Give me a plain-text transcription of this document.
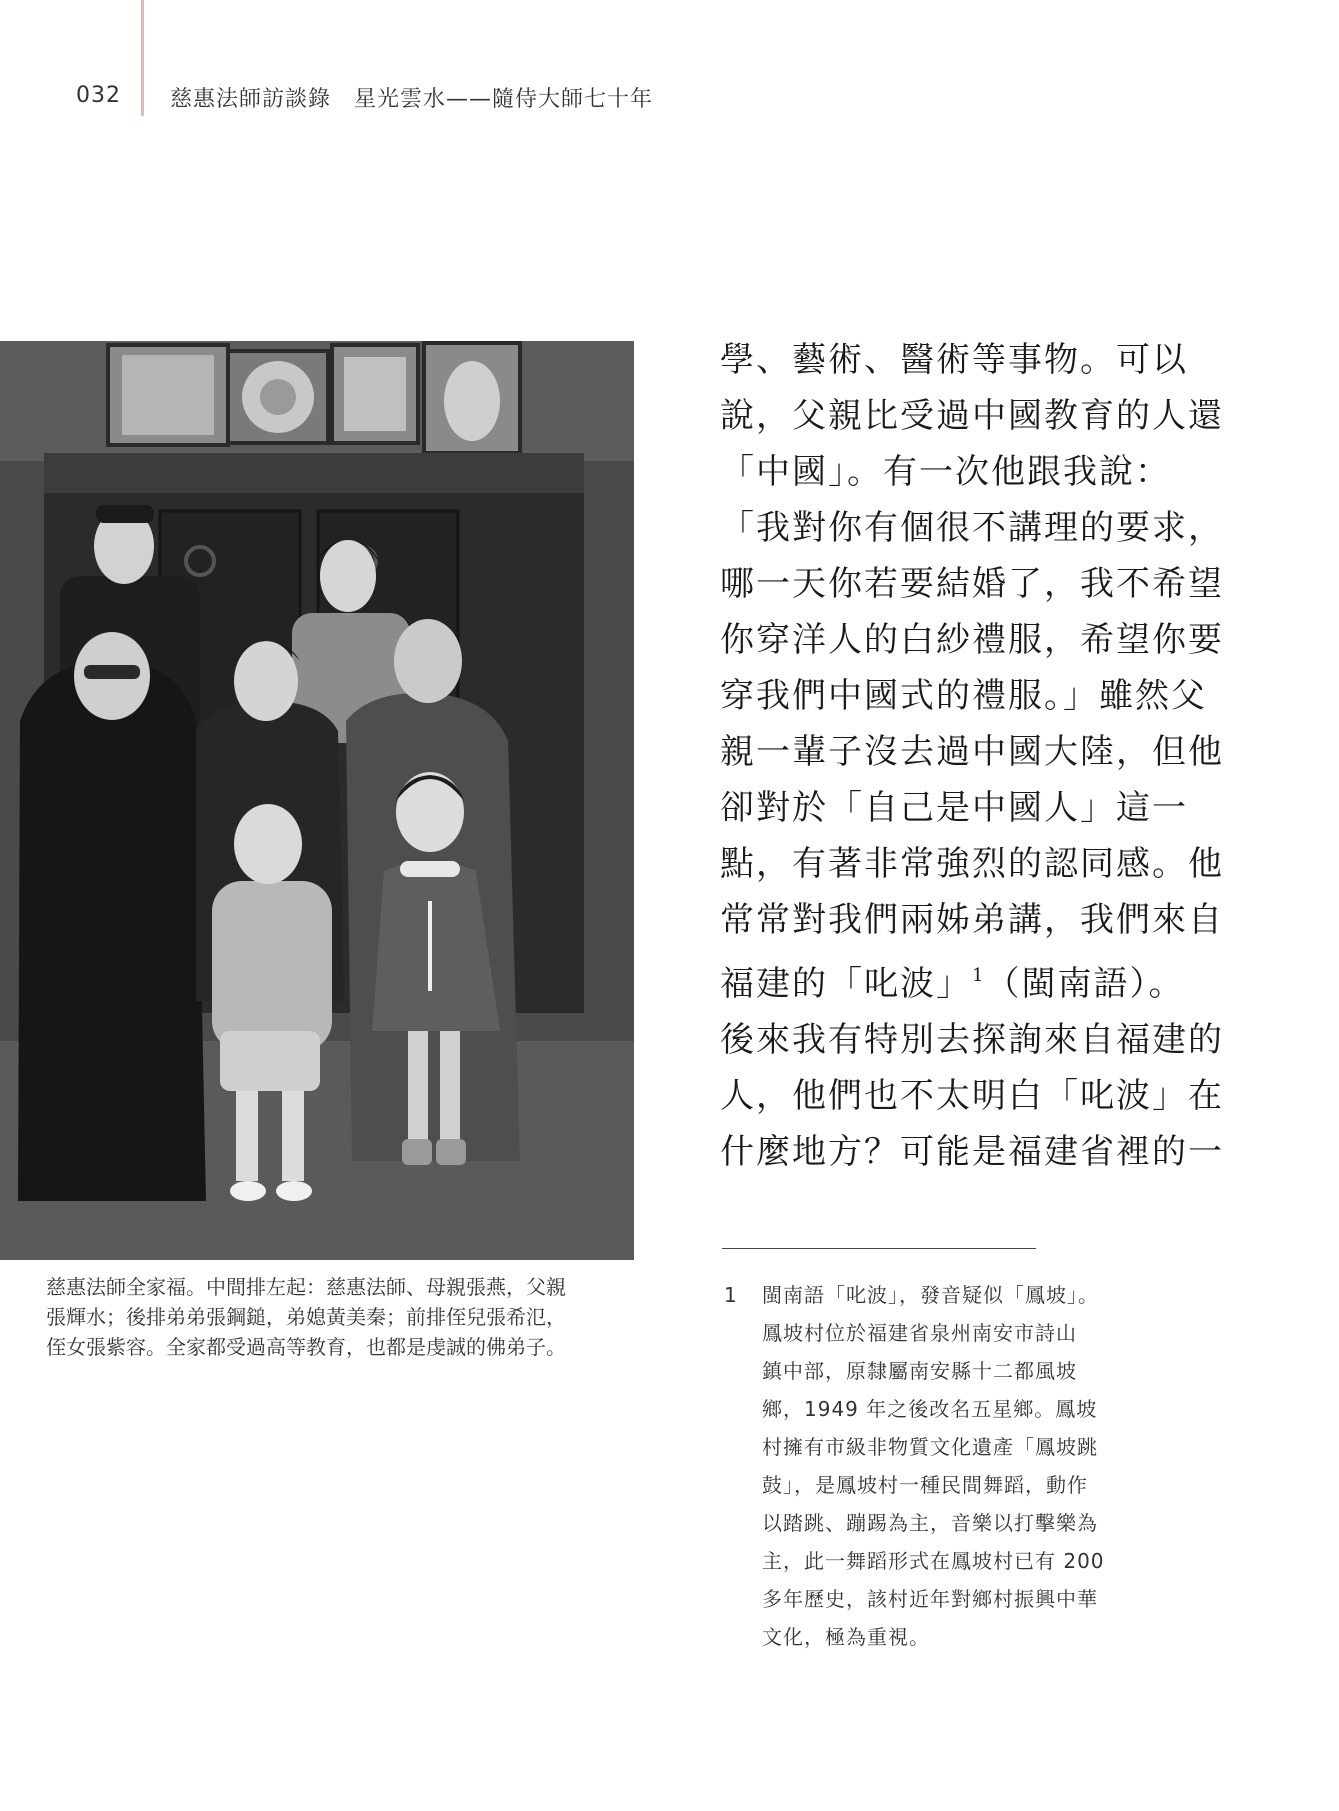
032 慈惠法師訪談錄　星光雲水——隨侍大師七十年
慈惠法師全家福。中間排左起：慈惠法師、母親張燕，父親
張輝水；後排弟弟張鋼鎚，弟媳黃美秦；前排侄兒張希氾，
侄女張紫容。全家都受過高等教育，也都是虔誠的佛弟子。
學、藝術、醫術等事物。可以
說，父親比受過中國教育的人還
「中國」。有一次他跟我說：
「我對你有個很不講理的要求，
哪一天你若要結婚了，我不希望
你穿洋人的白紗禮服，希望你要
穿我們中國式的禮服。」雖然父
親一輩子沒去過中國大陸，但他
卻對於「自己是中國人」這一
點，有著非常強烈的認同感。他
常常對我們兩姊弟講，我們來自
福建的「叱波」$^1$（閩南語）。
後來我有特別去探詢來自福建的
人，他們也不太明白「叱波」在
什麼地方？可能是福建省裡的一
1 閩南語「叱波」，發音疑似「鳳坡」。
鳳坡村位於福建省泉州南安市詩山
鎮中部，原隸屬南安縣十二都風坡
鄉，1949 年之後改名五星鄉。鳳坡
村擁有市級非物質文化遺產「鳳坡跳
鼓」，是鳳坡村一種民間舞蹈，動作
以踏跳、蹦踢為主，音樂以打擊樂為
主，此一舞蹈形式在鳳坡村已有 200
多年歷史，該村近年對鄉村振興中華
文化，極為重視。
